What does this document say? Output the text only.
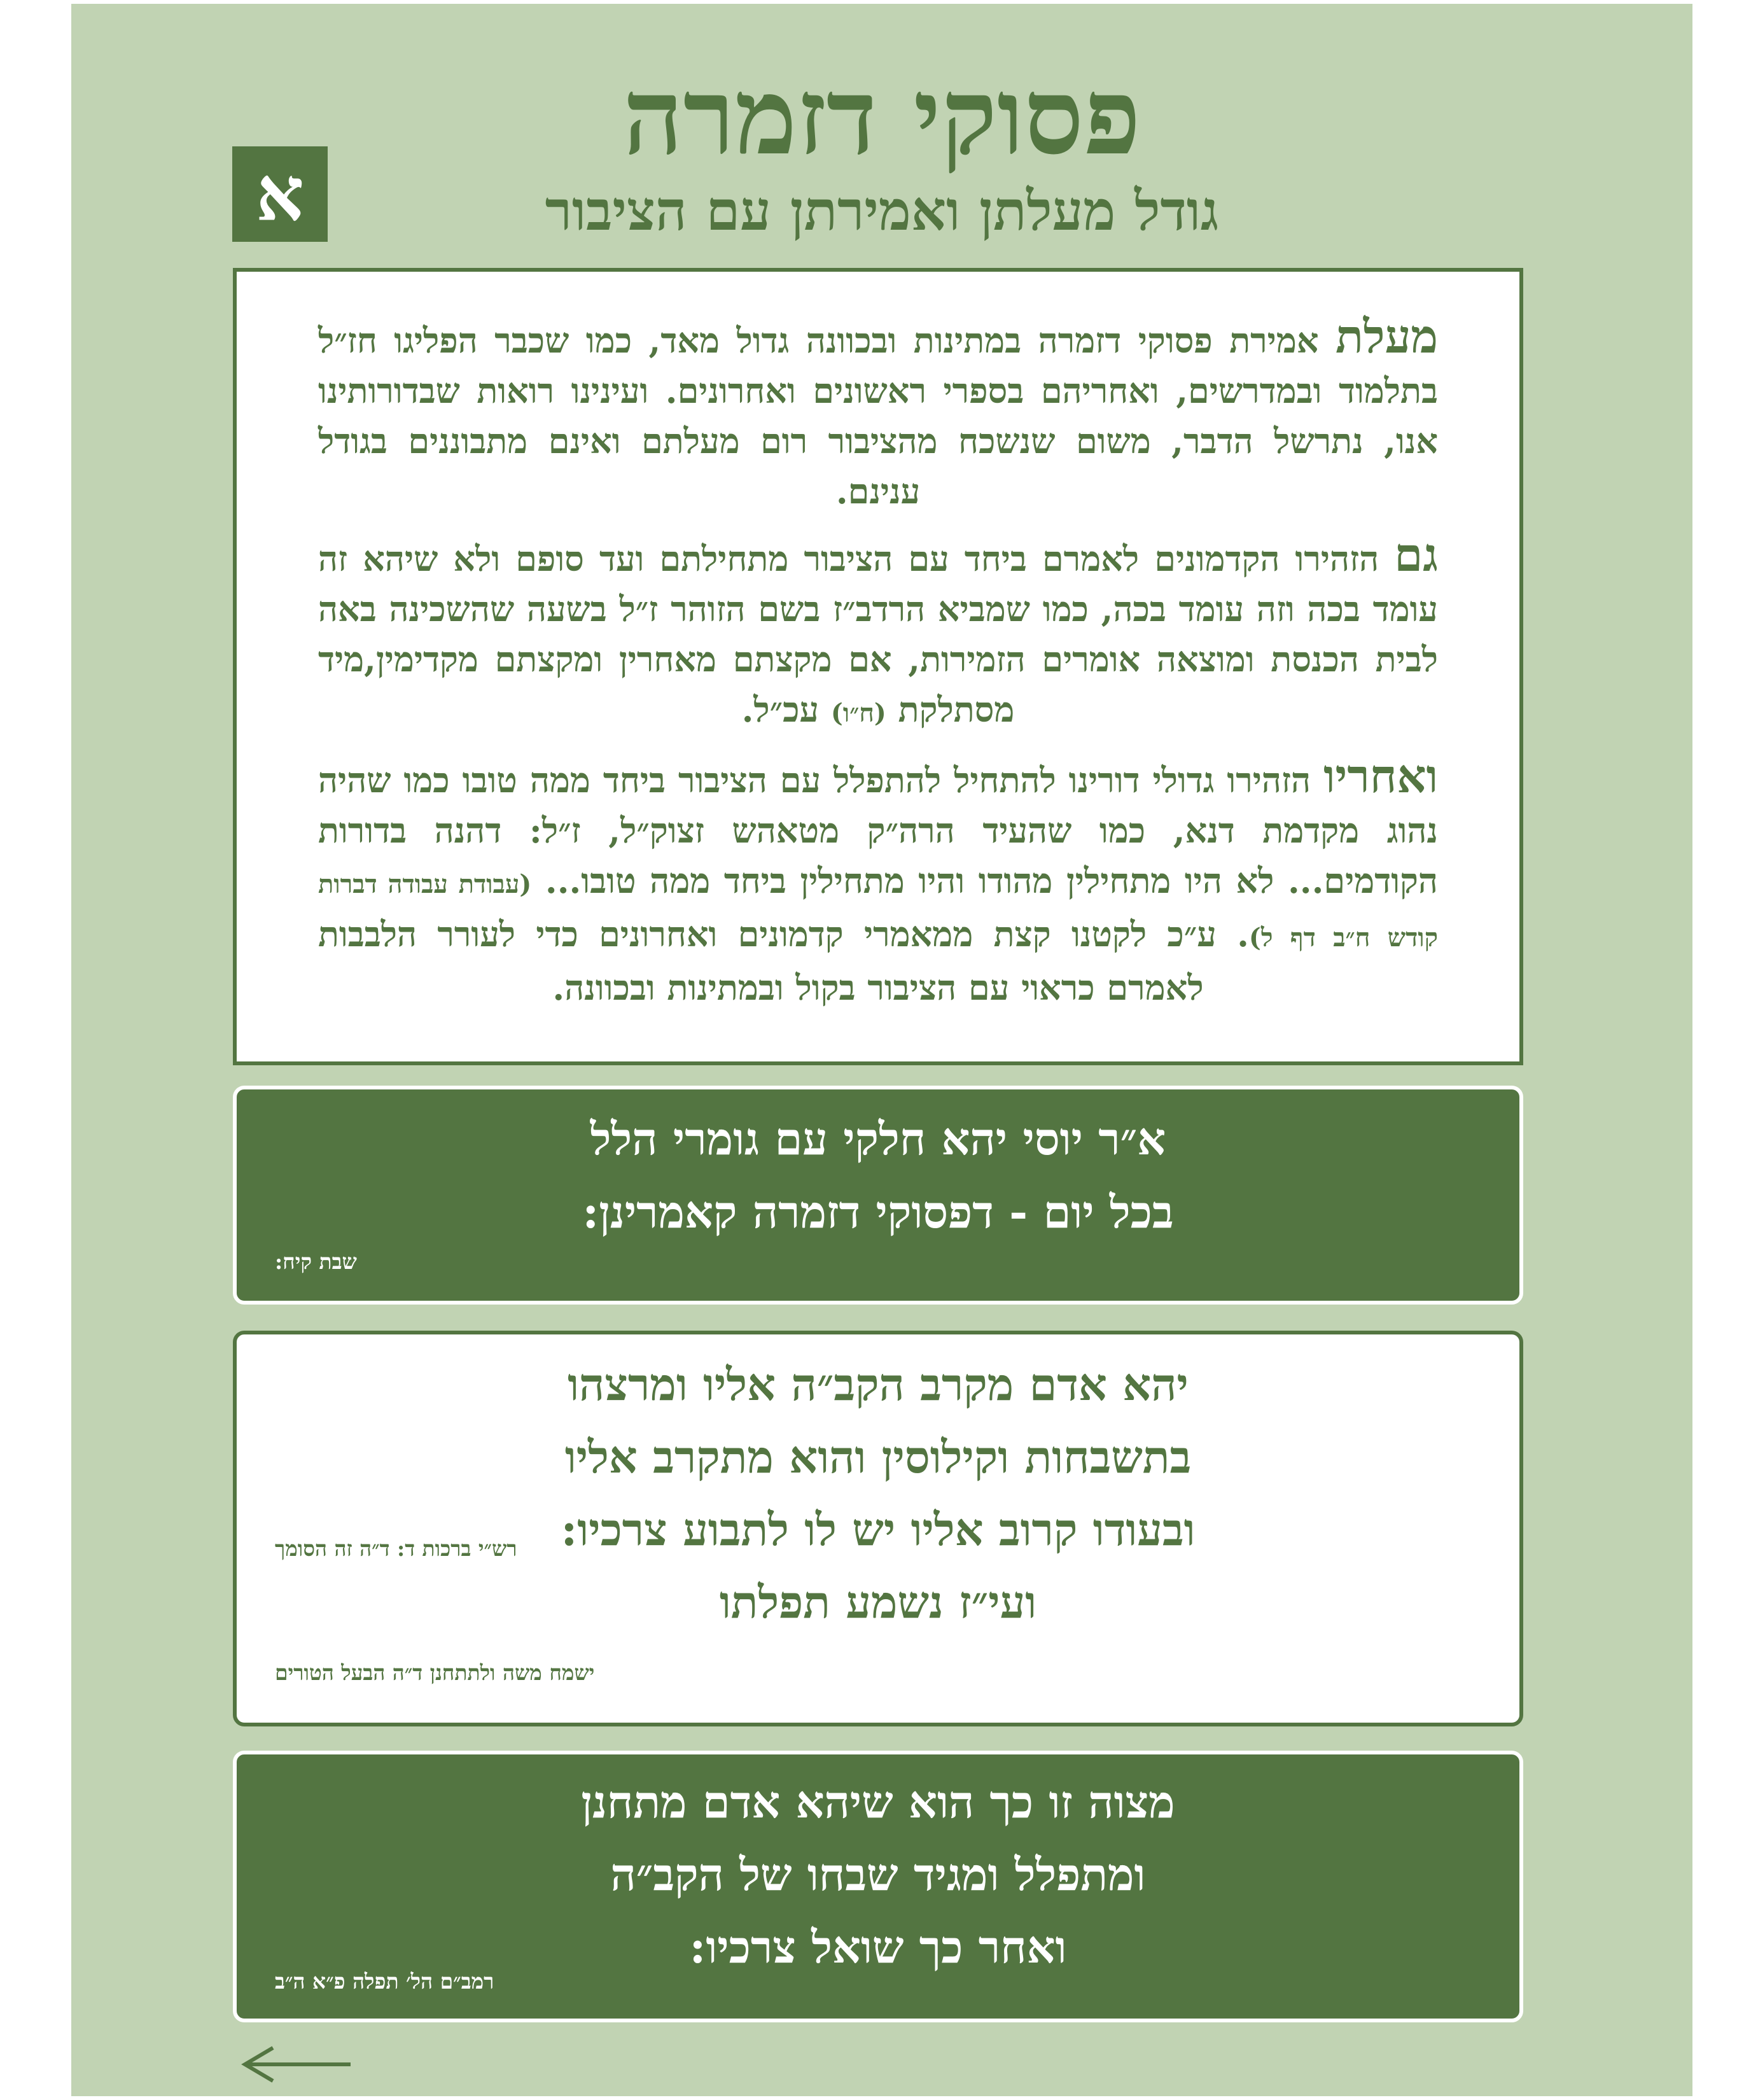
פסוקי דזמרה
גודל מעלתן ואמירתן עם הציבור
א

מעלת אמירת פסוקי דזמרה במתינות ובכוונה גדול מאד, כמו שכבר הפליגו חז״ל בתלמוד ובמדרשים, ואחריהם בספרי ראשונים ואחרונים. ועינינו רואות שבדורותינו אנו, נתרשל הדבר, משום שנשכח מהציבור רום מעלתם ואינם מתבוננים בגודל ענינם.

גם הזהירו הקדמונים לאמרם ביחד עם הציבור מתחילתם ועד סופם ולא שיהא זה עומד בכה וזה עומד בכה, כמו שמביא הרדב״ז בשם הזוהר ז״ל בשעה שהשכינה באה לבית הכנסת ומוצאה אומרים הזמירות, אם מקצתם מאחרין ומקצתם מקדימין,מיד מסתלקת (ח״ו) עכ״ל.

ואחריו הזהירו גדולי דורינו להתחיל להתפלל עם הציבור ביחד ממה טובו כמו שהיה נהוג מקדמת דנא, כמו שהעיד הרה״ק מטאהש זצוק״ל, ז״ל: דהנה בדורות הקודמים... לא היו מתחילין מהודו והיו מתחילין ביחד ממה טובו... (עבודת עבודה דברות קודש ח״ב דף ל). ע״כ לקטנו קצת ממאמרי קדמונים ואחרונים כדי לעורר הלבבות לאמרם כראוי עם הציבור בקול ובמתינות ובכוונה.

א״ר יוסי יהא חלקי עם גומרי הלל
בכל יום - דפסוקי דזמרה קאמרינן:
שבת קיח:
יהא אדם מקרב הקב״ה אליו ומרצהו
בתשבחות וקילוסין והוא מתקרב אליו
ובעודו קרוב אליו יש לו לתבוע צרכיו:
ועי״ז נשמע תפלתו
רש״י ברכות ד: ד״ה זה הסומך
ישמח משה ולתתחנן ד״ה הבעל הטורים
מצוה זו כך הוא שיהא אדם מתחנן
ומתפלל ומגיד שבחו של הקב״ה
ואחר כך שואל צרכיו:
רמב״ם הל׳ תפלה פ״א ה״ב
